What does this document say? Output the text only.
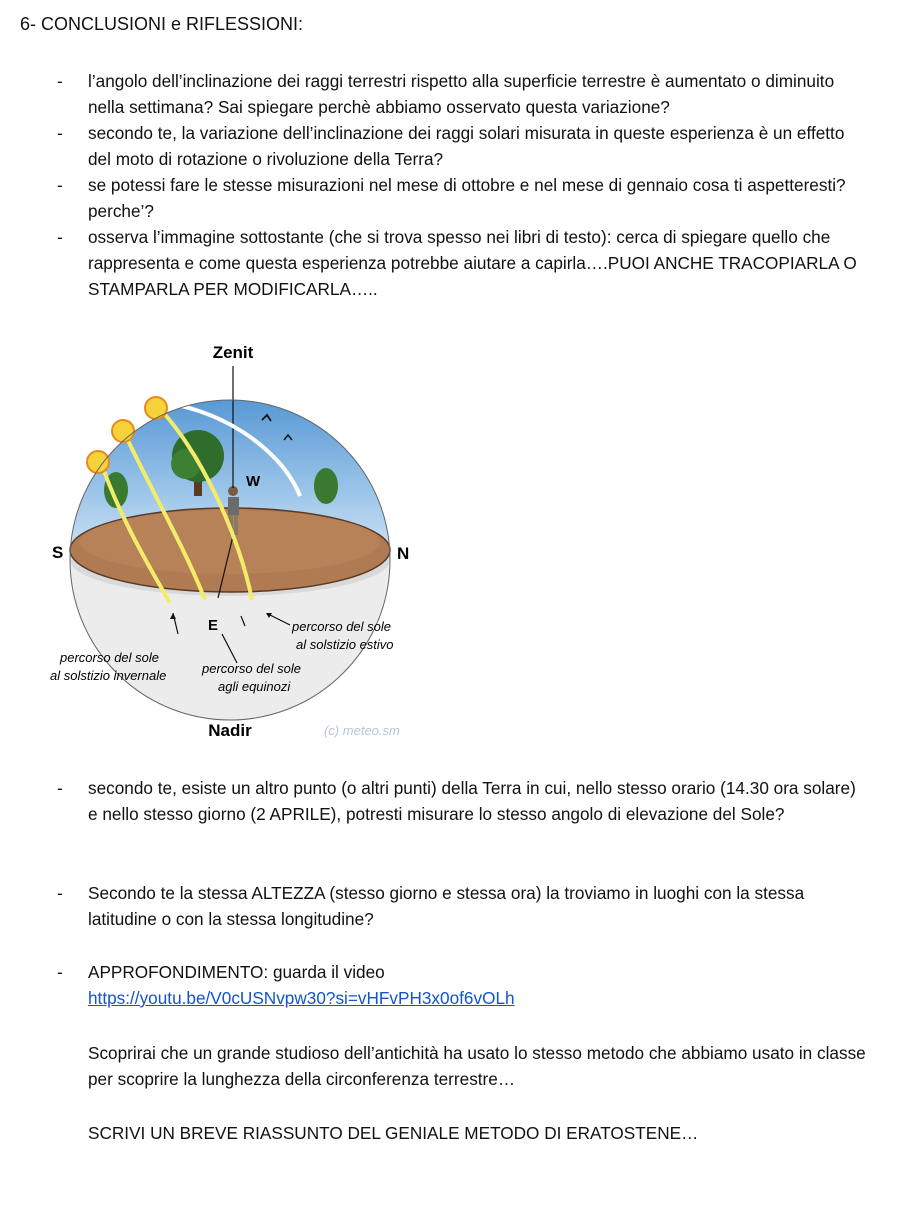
6- CONCLUSIONI e RIFLESSIONI:
- l’angolo dell’inclinazione dei raggi terrestri rispetto alla superficie terrestre è aumentato o diminuito nella settimana? Sai spiegare perchè abbiamo osservato questa variazione?
- secondo te, la variazione dell’inclinazione dei raggi solari misurata in queste esperienza è un effetto del moto di rotazione o rivoluzione della Terra?
- se potessi fare le stesse misurazioni nel mese di ottobre e nel mese di gennaio cosa ti aspetteresti? perche’?
- osserva l’immagine sottostante (che si trova spesso nei libri di testo): cerca di spiegare quello che rappresenta e come questa esperienza potrebbe aiutare a capirla….PUOI ANCHE TRACOPIARLA O STAMPARLA PER MODIFICARLA…..
Zenit
Nadir
S	N
W
E	percorso del sole
al solstizio estivo
percorso del sole
al solstizio invernale	percorso del sole
agli equinozi
(c) meteo.sm
- secondo te, esiste un altro punto (o altri punti) della Terra in cui, nello stesso orario (14.30 ora solare) e nello stesso giorno (2 APRILE), potresti misurare lo stesso angolo di elevazione del Sole?
- Secondo te la stessa ALTEZZA (stesso giorno e stessa ora) la troviamo in luoghi con la stessa latitudine o con la stessa longitudine?
- APPROFONDIMENTO: guarda il video
https://youtu.be/V0cUSNvpw30?si=vHFvPH3x0of6vOLh
Scoprirai che un grande studioso dell’antichità ha usato lo stesso metodo che abbiamo usato in classe per scoprire la lunghezza della circonferenza terrestre…
SCRIVI UN BREVE RIASSUNTO DEL GENIALE METODO DI ERATOSTENE…
